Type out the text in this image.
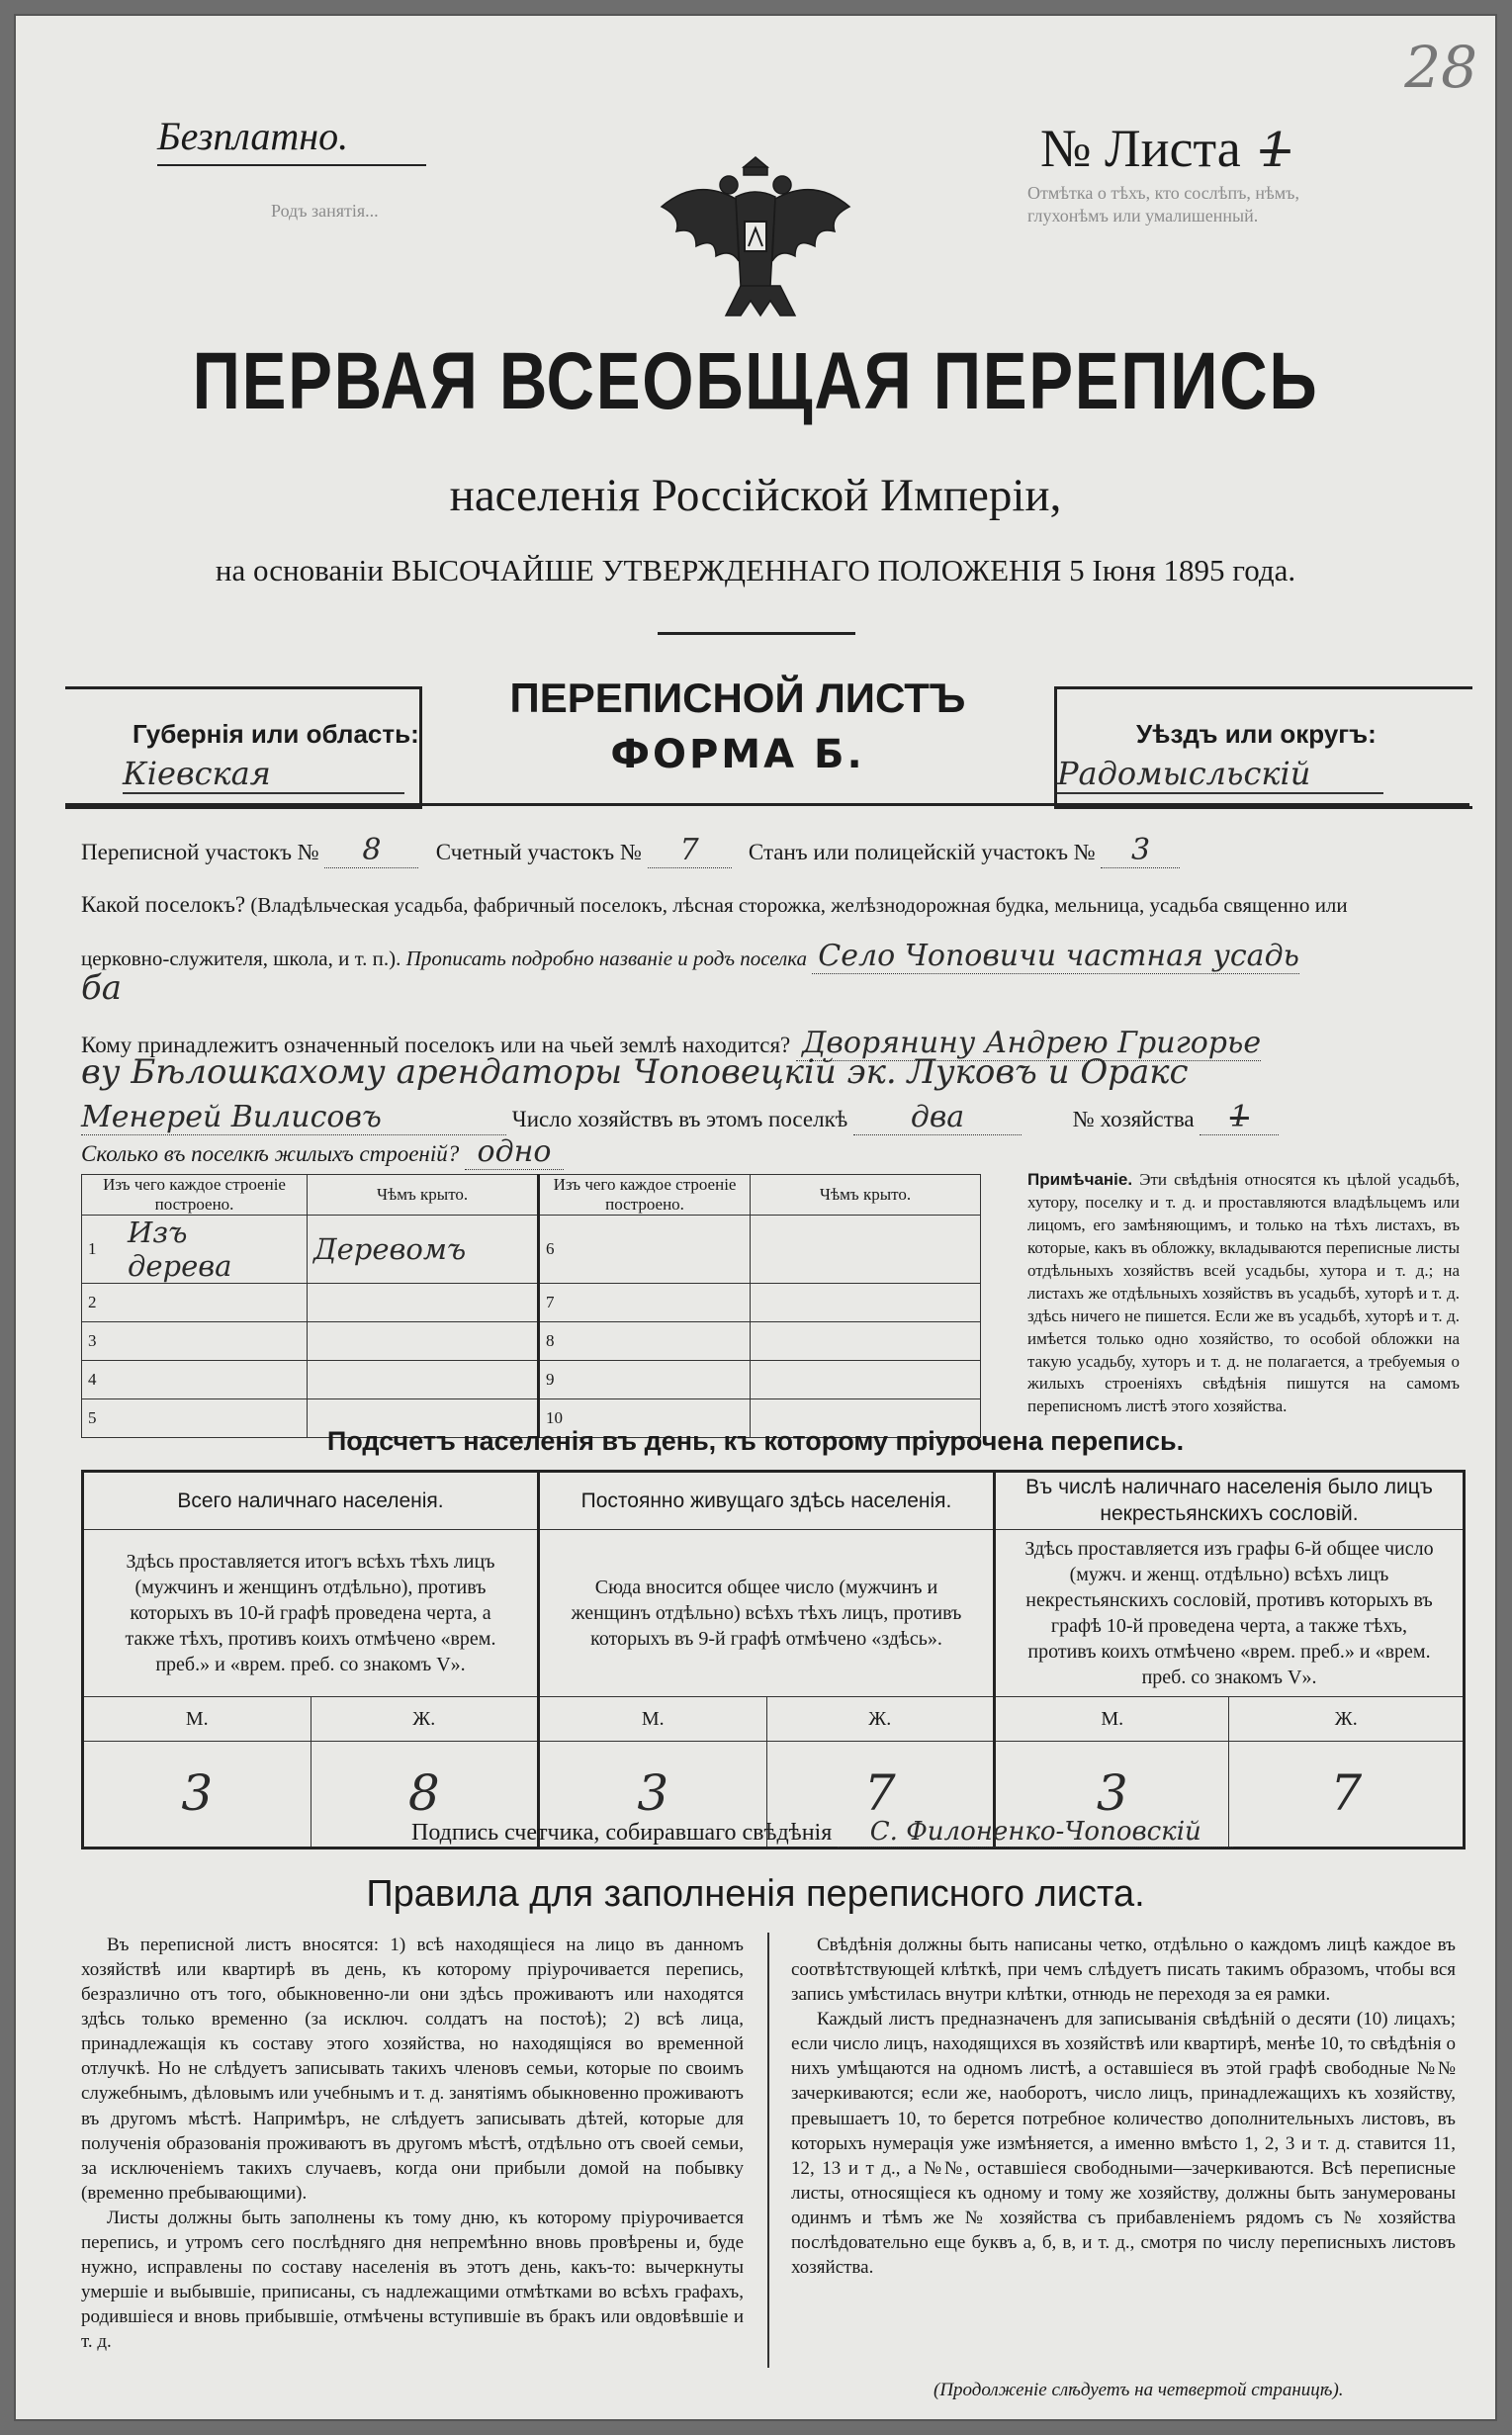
28
Родъ занятія...
Отмѣтка о тѣхъ, кто сослѣпъ, нѣмъ, глухонѣмъ или умалишенный.
Безплатно.	№ Листа 1
ПЕРВАЯ ВСЕОБЩАЯ ПЕРЕПИСЬ
населенія Россійской Имперіи,
на основаніи ВЫСОЧАЙШЕ УТВЕРЖДЕННАГО ПОЛОЖЕНІЯ 5 Іюня 1895 года.
Губернія или область:
Кіевская
ПЕРЕПИСНОЙ ЛИСТЪ
ФОРМА Б.	Уѣздъ или округъ:
Радомысльскій
Переписной участокъ № 8 Счетный участокъ № 7 Станъ или полицейскій участокъ № 3
Какой поселокъ? (Владѣльческая усадьба, фабричный поселокъ, лѣсная сторожка, желѣзнодорожная будка, мельница, усадьба священно или
церковно-служителя, школа, и т. п.). Прописать подробно названіе и родъ поселка Село Чоповичи частная усадь
ба
Кому принадлежитъ означенный поселокъ или на чьей землѣ находится? Дворянину Андрею Григорье
ву Бѣлошкахому арендаторы Чоповецкій эк. Луковъ и Оракс
Менерей Вилисовъ	Число хозяйствъ въ этомъ поселкѣ два	№ хозяйства 1
Сколько въ поселкѣ жилыхъ строеній? одно
Изъ чего каждое строеніе построено.		Чѣмъ крыто.	Изъ чего каждое строеніе построено.		Чѣмъ крыто.
1	Изъ дерева	Деревомъ	6		
2			7		
3			8		
4			9		
5			10		
Примѣчаніе. Эти свѣдѣнія относятся къ цѣлой усадьбѣ, хутору, поселку и т. д. и проставляются владѣльцемъ или лицомъ, его замѣняющимъ, и только на тѣхъ листахъ, въ которые, какъ въ обложку, вкладываются переписные листы отдѣльныхъ хозяйствъ всей усадьбы, хутора и т. д.; на листахъ же отдѣльныхъ хозяйствъ въ усадьбѣ, хуторѣ и т. д. здѣсь ничего не пишется. Если же въ усадьбѣ, хуторѣ и т. д. имѣется только одно хозяйство, то особой обложки на такую усадьбу, хуторъ и т. д. не полагается, а требуемыя о жилыхъ строеніяхъ свѣдѣнія пишутся на самомъ переписномъ листѣ этого хозяйства.
Подсчетъ населенія въ день, къ которому пріурочена перепись.
Всего наличнаго населенія.		Постоянно живущаго здѣсь населенія.		Въ числѣ наличнаго населенія было лицъ некрестьянскихъ сословій.	
Здѣсь проставляется итогъ всѣхъ тѣхъ лицъ (мужчинъ и женщинъ отдѣльно), противъ которыхъ въ 10-й графѣ проведена черта, а также тѣхъ, противъ коихъ отмѣчено «врем. преб.» и «врем. преб. со знакомъ V».		Сюда вносится общее число (мужчинъ и женщинъ отдѣльно) всѣхъ тѣхъ лицъ, противъ которыхъ въ 9-й графѣ отмѣчено «здѣсь».		Здѣсь проставляется изъ графы 6-й общее число (мужч. и женщ. отдѣльно) всѣхъ лицъ некрестьянскихъ сословій, противъ которыхъ въ графѣ 10-й проведена черта, а также тѣхъ, противъ коихъ отмѣчено «врем. преб.» и «врем. преб. со знакомъ V».	
М.	Ж.	М.	Ж.	М.	Ж.
3	8	3	7	3	7
Подпись счетчика, собиравшаго свѣдѣнія С. Филоненко-Чоповскій
Правила для заполненія переписного листа.

Въ переписной листъ вносятся: 1) всѣ находящіеся на лицо въ данномъ хозяйствѣ или квартирѣ въ день, къ которому пріурочивается перепись, безразлично отъ того, обыкновенно-ли они здѣсь проживаютъ или находятся здѣсь только временно (за исключ. солдатъ на постоѣ); 2) всѣ лица, принадлежащія къ составу этого хозяйства, но находящіяся во временной отлучкѣ. Но не слѣдуетъ записывать такихъ членовъ семьи, которые по своимъ служебнымъ, дѣловымъ или учебнымъ и т. д. занятіямъ обыкновенно проживаютъ въ другомъ мѣстѣ. Напримѣръ, не слѣдуетъ записывать дѣтей, которые для полученія образованія проживаютъ въ другомъ мѣстѣ, отдѣльно отъ своей семьи, за исключеніемъ такихъ случаевъ, когда они прибыли домой на побывку (временно пребывающими).

Листы должны быть заполнены къ тому дню, къ которому пріурочивается перепись, и утромъ сего послѣдняго дня непремѣнно вновь провѣрены и, буде нужно, исправлены по составу населенія въ этотъ день, какъ-то: вычеркнуты умершіе и выбывшіе, приписаны, съ надлежащими отмѣтками во всѣхъ графахъ, родившіеся и вновь прибывшіе, отмѣчены вступившіе въ бракъ или овдовѣвшіе и т. д.

Свѣдѣнія должны быть написаны четко, отдѣльно о каждомъ лицѣ каждое въ соотвѣтствующей клѣткѣ, при чемъ слѣдуетъ писать такимъ образомъ, чтобы вся запись умѣстилась внутри клѣтки, отнюдь не переходя за ея рамки.

Каждый листъ предназначенъ для записыванія свѣдѣній о десяти (10) лицахъ; если число лицъ, находящихся въ хозяйствѣ или квартирѣ, менѣе 10, то свѣдѣнія о нихъ умѣщаются на одномъ листѣ, а оставшіеся въ этой графѣ свободные №№ зачеркиваются; если же, наоборотъ, число лицъ, принадлежащихъ къ хозяйству, превышаетъ 10, то берется потребное количество дополнительныхъ листовъ, въ которыхъ нумерація уже измѣняется, а именно вмѣсто 1, 2, 3 и т. д. ставится 11, 12, 13 и т д., а №№, оставшіеся свободными—зачеркиваются. Всѣ переписные листы, относящіеся къ одному и тому же хозяйству, должны быть занумерованы одинмъ и тѣмъ же № хозяйства съ прибавленіемъ рядомъ съ № хозяйства послѣдовательно еще буквъ а, б, в, и т. д., смотря по числу переписныхъ листовъ хозяйства.

(Продолженіе слѣдуетъ на четвертой страницѣ).
